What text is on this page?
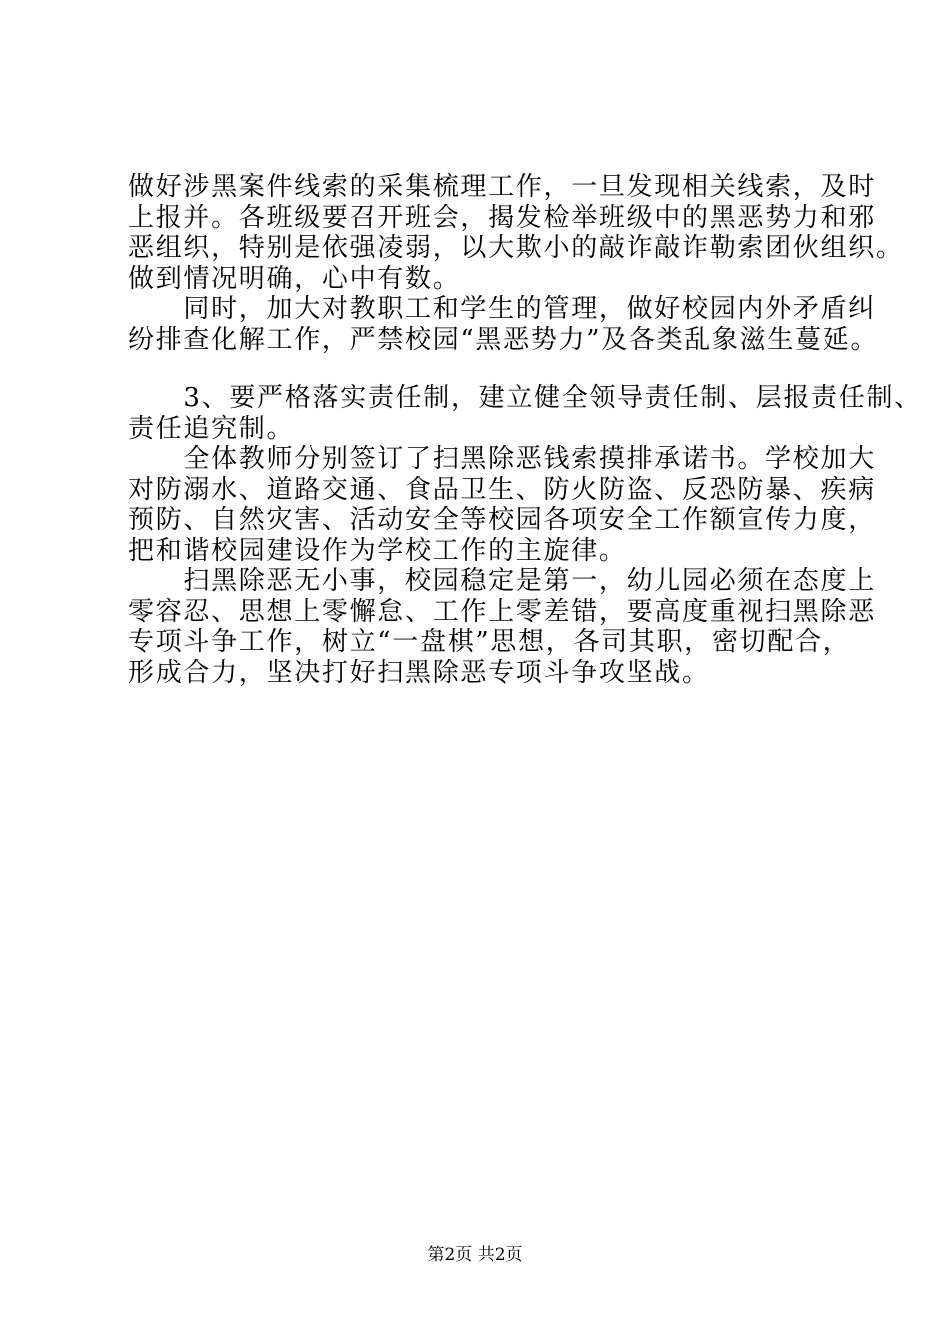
做好涉黑案件线索的采集梳理工作，一旦发现相关线索，及时
上报并。各班级要召开班会，揭发检举班级中的黑恶势力和邪
恶组织，特别是依强凌弱，以大欺小的敲诈敲诈勒索团伙组织。
做到情况明确，心中有数。
　　同时，加大对教职工和学生的管理，做好校园内外矛盾纠
纷排查化解工作，严禁校园“黑恶势力”及各类乱象滋生蔓延。
　　3、要严格落实责任制，建立健全领导责任制、层报责任制、
责任追究制。
　　全体教师分别签订了扫黑除恶钱索摸排承诺书。学校加大
对防溺水、道路交通、食品卫生、防火防盗、反恐防暴、疾病
预防、自然灾害、活动安全等校园各项安全工作额宣传力度，
把和谐校园建设作为学校工作的主旋律。
　　扫黑除恶无小事，校园稳定是第一，幼儿园必须在态度上
零容忍、思想上零懈怠、工作上零差错，要高度重视扫黑除恶
专项斗争工作，树立“一盘棋”思想，各司其职，密切配合，
形成合力，坚决打好扫黑除恶专项斗争攻坚战。
第2页 共2页
